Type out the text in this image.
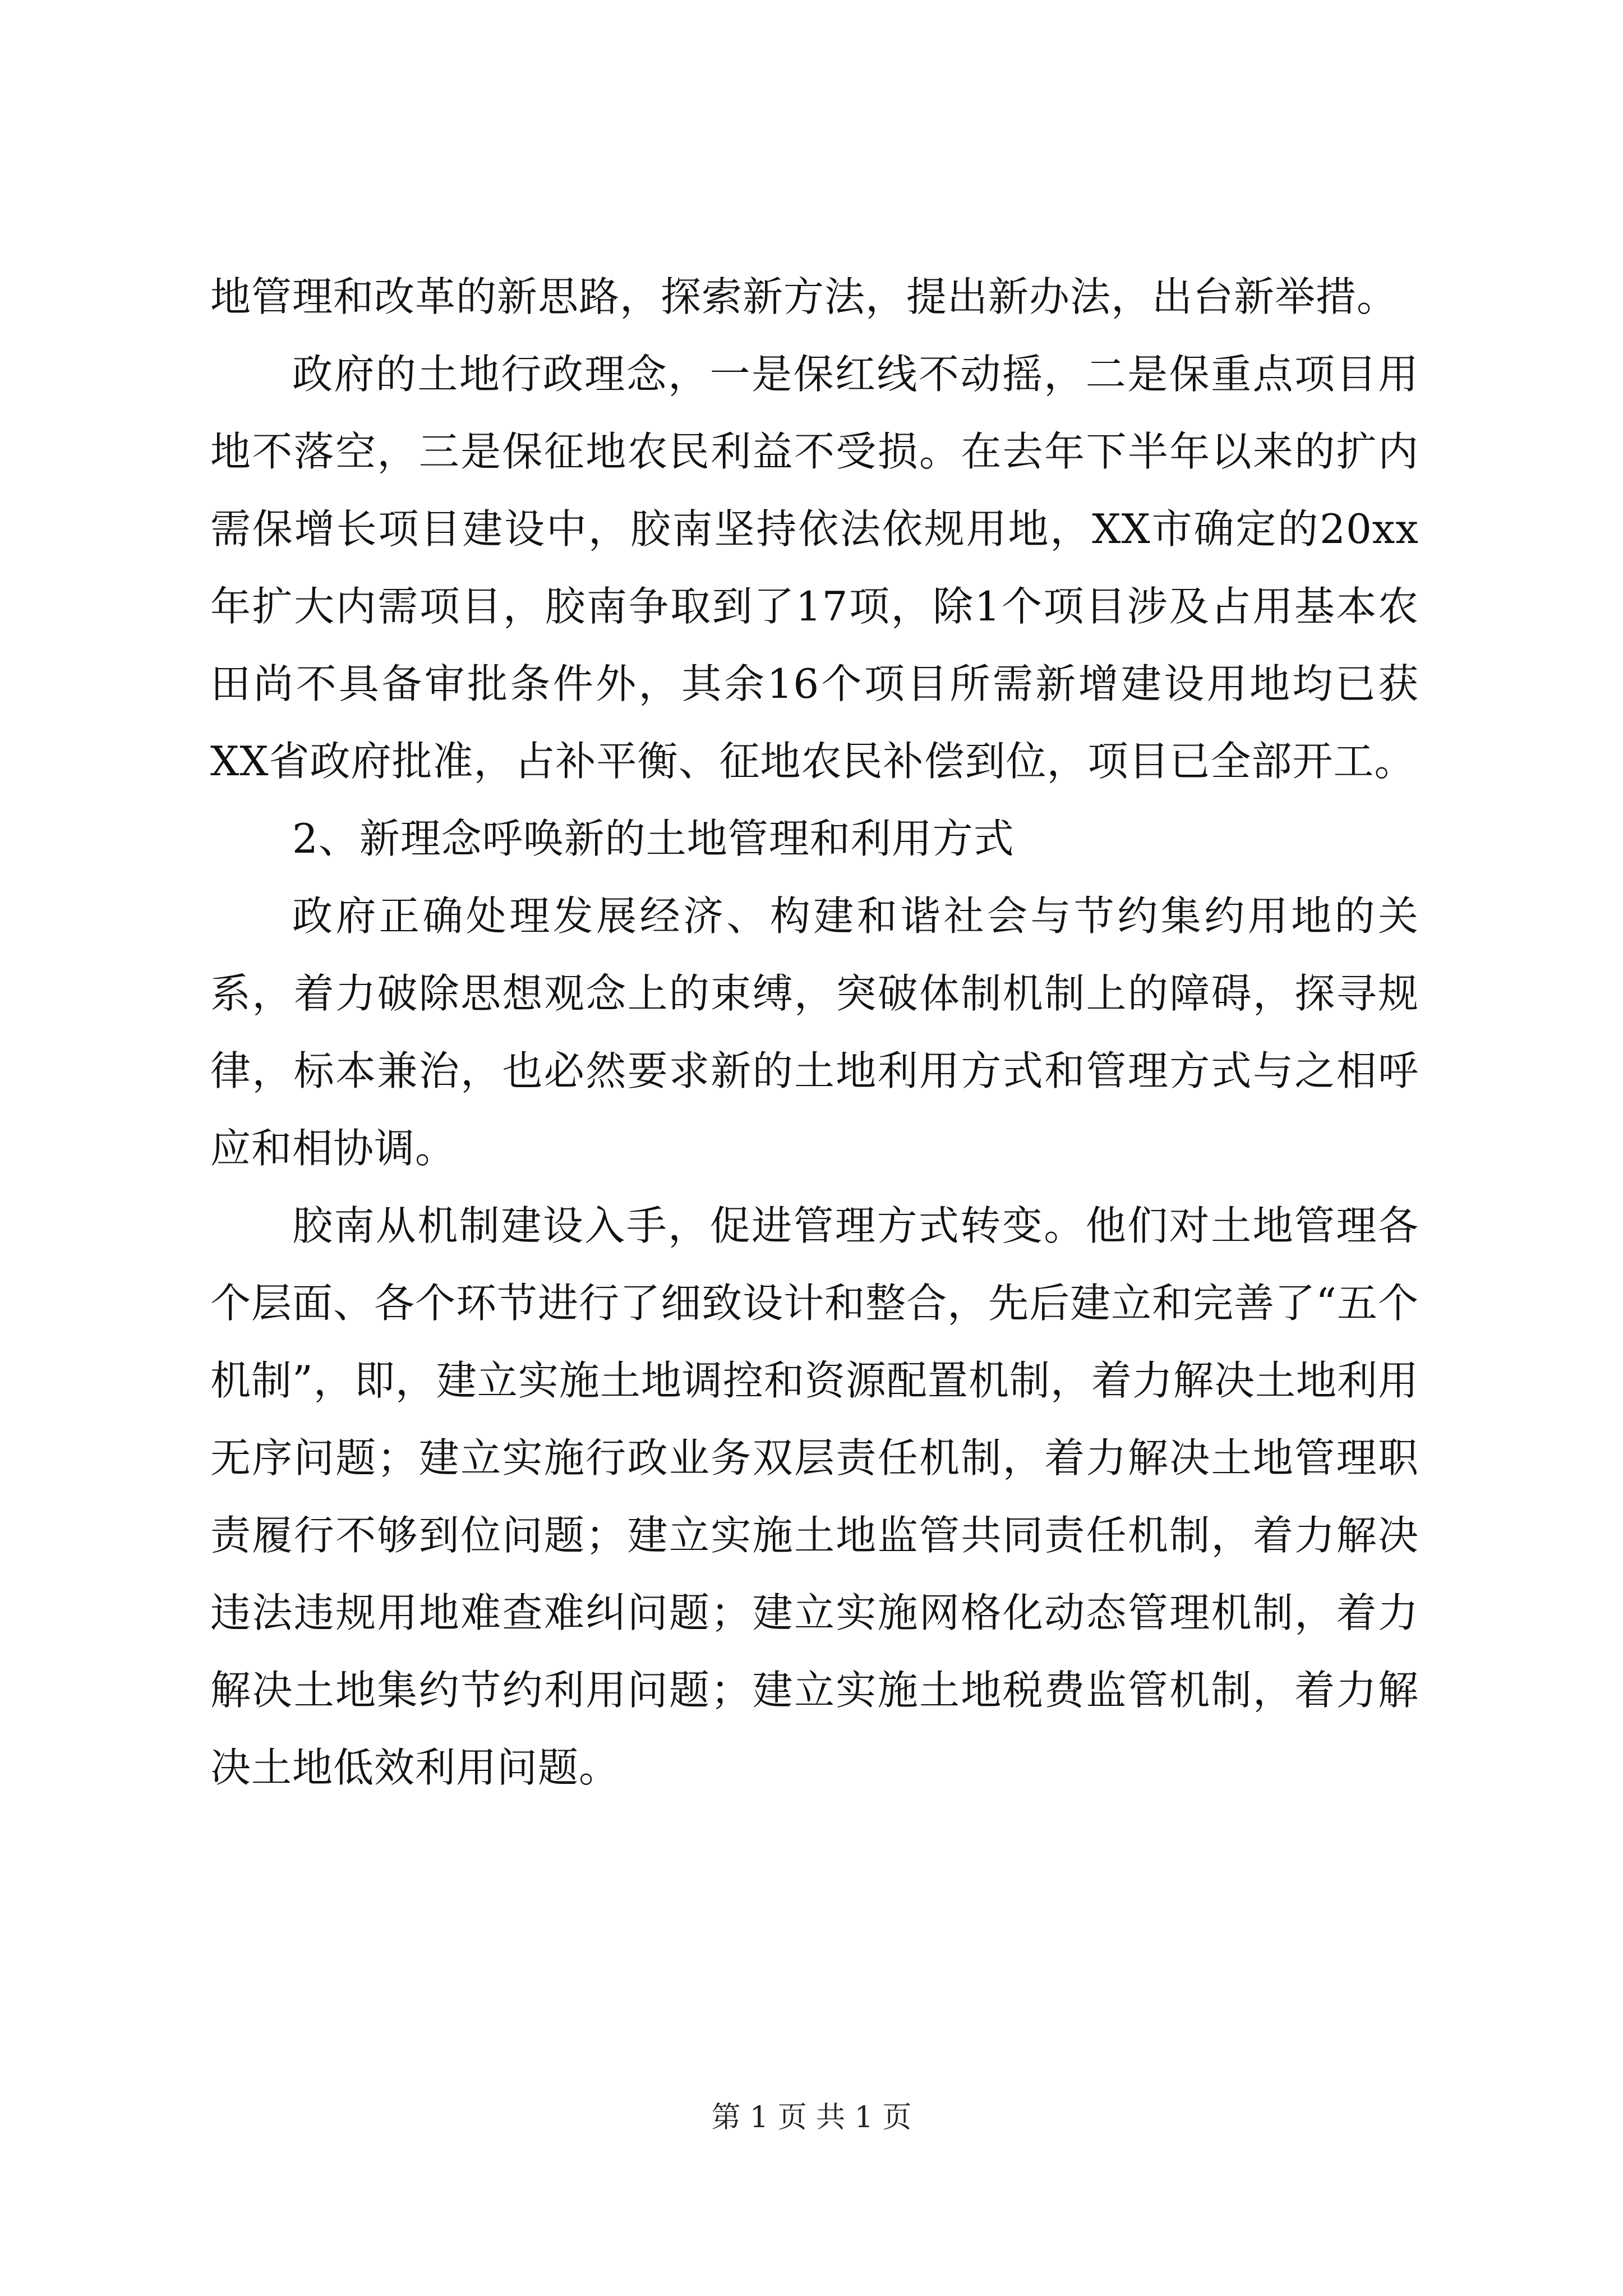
地管理和改革的新思路，探索新方法，提出新办法，出台新举措。

政府的土地行政理念，一是保红线不动摇，二是保重点项目用地不落空，三是保征地农民利益不受损。在去年下半年以来的扩内需保增长项目建设中，胶南坚持依法依规用地，XX市确定的20xx年扩大内需项目，胶南争取到了17项，除1个项目涉及占用基本农田尚不具备审批条件外，其余16个项目所需新增建设用地均已获XX省政府批准，占补平衡、征地农民补偿到位，项目已全部开工。

2、新理念呼唤新的土地管理和利用方式

政府正确处理发展经济、构建和谐社会与节约集约用地的关系，着力破除思想观念上的束缚，突破体制机制上的障碍，探寻规律，标本兼治，也必然要求新的土地利用方式和管理方式与之相呼应和相协调。

胶南从机制建设入手，促进管理方式转变。他们对土地管理各个层面、各个环节进行了细致设计和整合，先后建立和完善了“五个机制”，即，建立实施土地调控和资源配置机制，着力解决土地利用无序问题；建立实施行政业务双层责任机制，着力解决土地管理职责履行不够到位问题；建立实施土地监管共同责任机制，着力解决违法违规用地难查难纠问题；建立实施网格化动态管理机制，着力解决土地集约节约利用问题；建立实施土地税费监管机制，着力解决土地低效利用问题。

第 1 页 共 1 页
